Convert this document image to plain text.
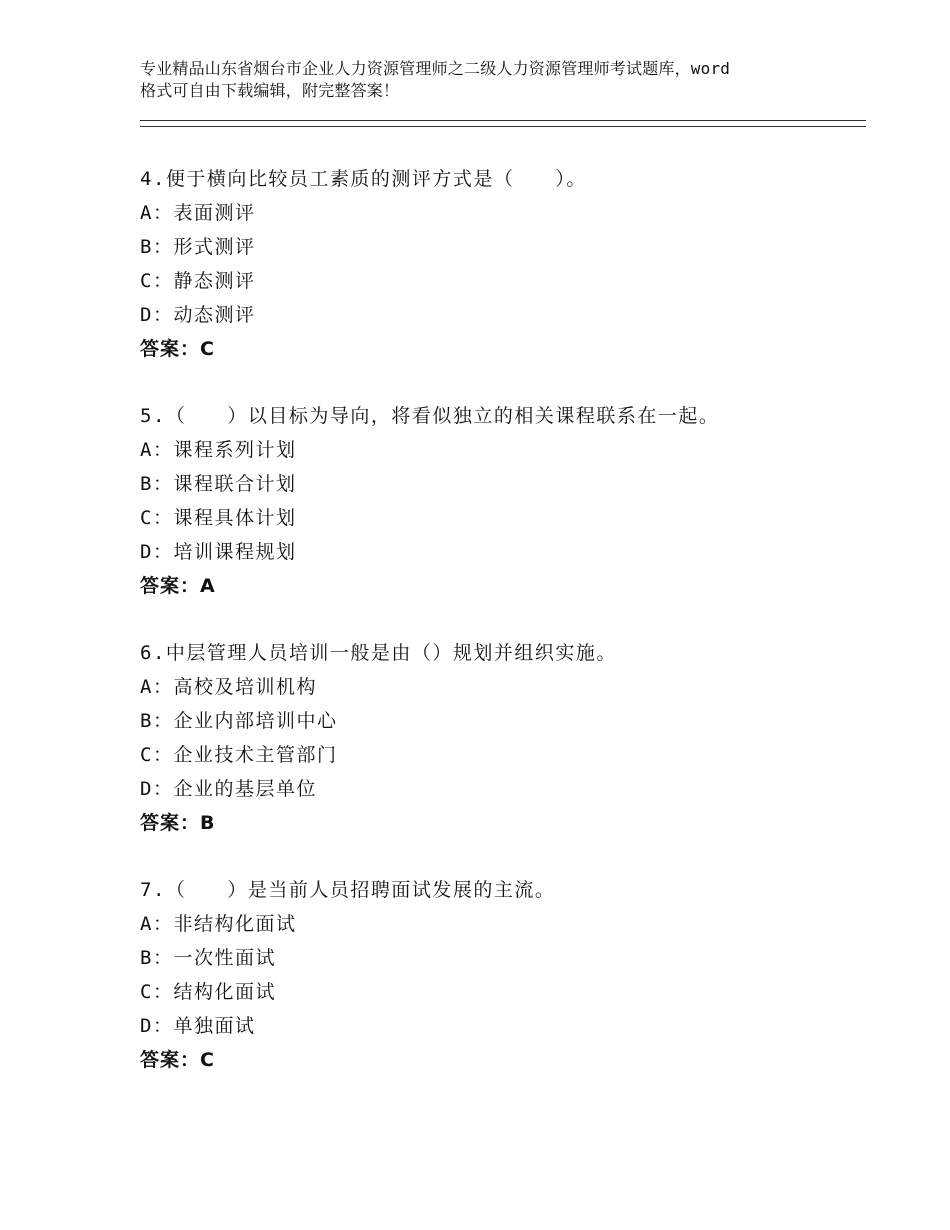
专业精品山东省烟台市企业人力资源管理师之二级人力资源管理师考试题库，word
格式可自由下载编辑，附完整答案！
4.便于横向比较员工素质的测评方式是（　　）。
A：表面测评
B：形式测评
C：静态测评
D：动态测评
答案：C
5.（　　）以目标为导向，将看似独立的相关课程联系在一起。
A：课程系列计划
B：课程联合计划
C：课程具体计划
D：培训课程规划
答案：A
6.中层管理人员培训一般是由（）规划并组织实施。
A：高校及培训机构
B：企业内部培训中心
C：企业技术主管部门
D：企业的基层单位
答案：B
7.（　　）是当前人员招聘面试发展的主流。
A：非结构化面试
B：一次性面试
C：结构化面试
D：单独面试
答案：C
